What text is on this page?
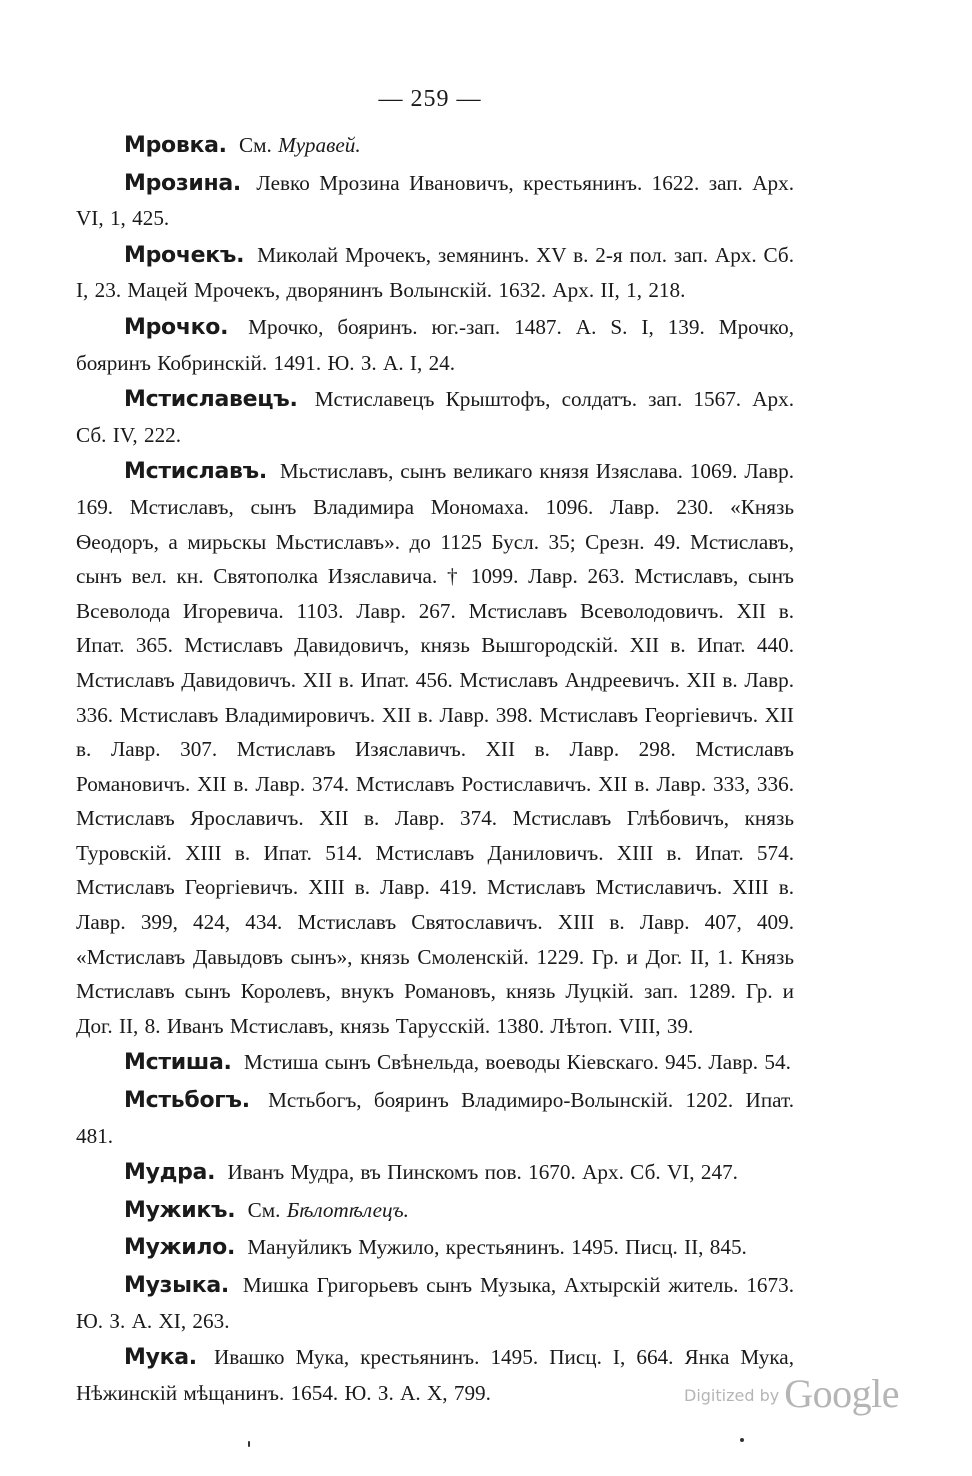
— 259 —

Мровка. См. Муравей.

Мрозина. Левко Мрозина Ивановичъ, крестьянинъ. 1622. зап. Арх. VI, 1, 425.

Мрочекъ. Миколай Мрочекъ, земянинъ. XV в. 2-я пол. зап. Арх. Сб. I, 23. Мацей Мрочекъ, дворянинъ Волынскій. 1632. Арх. II, 1, 218.

Мрочко. Мрочко, бояринъ. юг.-зап. 1487. A. S. I, 139. Мрочко, бояринъ Кобринскій. 1491. Ю. З. А. I, 24.

Мстиславецъ. Мстиславецъ Крыштофъ, солдатъ. зап. 1567. Арх. Сб. IV, 222.

Мстиславъ. Мьстиславъ, сынъ великаго князя Изяслава. 1069. Лавр. 169. Мстиславъ, сынъ Владимира Мономаха. 1096. Лавр. 230. «Князь Ѳеодоръ, а мирьскы Мьстиславъ». до 1125 Бусл. 35; Срезн. 49. Мстиславъ, сынъ вел. кн. Святополка Изяславича. † 1099. Лавр. 263. Мстиславъ, сынъ Всеволода Игоревича. 1103. Лавр. 267. Мстиславъ Всеволодовичъ. XII в. Ипат. 365. Мстиславъ Давидовичъ, князь Вышгородскій. XII в. Ипат. 440. Мстиславъ Давидовичъ. XII в. Ипат. 456. Мстиславъ Андреевичъ. XII в. Лавр. 336. Мстиславъ Владимировичъ. XII в. Лавр. 398. Мстиславъ Георгіевичъ. XII в. Лавр. 307. Мстиславъ Изяславичъ. XII в. Лавр. 298. Мстиславъ Романовичъ. XII в. Лавр. 374. Мстиславъ Ростиславичъ. XII в. Лавр. 333, 336. Мстиславъ Ярославичъ. XII в. Лавр. 374. Мстиславъ Глѣбовичъ, князь Туровскій. XIII в. Ипат. 514. Мстиславъ Даниловичъ. XIII в. Ипат. 574. Мстиславъ Георгіевичъ. XIII в. Лавр. 419. Мстиславъ Мстиславичъ. XIII в. Лавр. 399, 424, 434. Мстиславъ Святославичъ. XIII в. Лавр. 407, 409. «Мстиславъ Давыдовъ сынъ», князь Смоленскій. 1229. Гр. и Дог. II, 1. Князь Мстиславъ сынъ Королевъ, внукъ Романовъ, князь Луцкій. зап. 1289. Гр. и Дог. II, 8. Иванъ Мстиславъ, князь Тарусскій. 1380. Лѣтоп. VIII, 39.

Мстиша. Мстиша сынъ Свѣнельда, воеводы Кіевскаго. 945. Лавр. 54.

Мстьбогъ. Мстьбогъ, бояринъ Владимиро-Волынскій. 1202. Ипат. 481.

Мудра. Иванъ Мудра, въ Пинскомъ пов. 1670. Арх. Сб. VI, 247.

Мужикъ. См. Бѣлотѣлецъ.

Мужило. Мануйликъ Мужило, крестьянинъ. 1495. Писц. II, 845.

Музыка. Мишка Григорьевъ сынъ Музыка, Ахтырскій житель. 1673. Ю. З. А. XI, 263.

Мука. Ивашко Мука, крестьянинъ. 1495. Писц. I, 664. Янка Мука, Нѣжинскій мѣщанинъ. 1654. Ю. З. А. X, 799.	Digitized by Google
